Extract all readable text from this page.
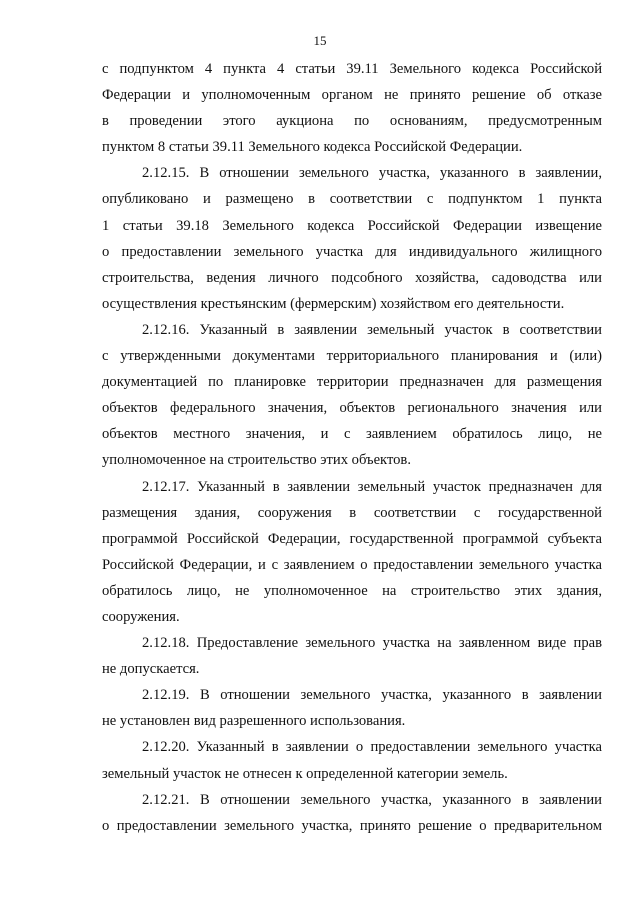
15
с подпунктом 4 пункта 4 статьи 39.11 Земельного кодекса Российской
Федерации и уполномоченным органом не принято решение об отказе
в проведении этого аукциона по основаниям, предусмотренным
пунктом 8 статьи 39.11 Земельного кодекса Российской Федерации.
2.12.15. В отношении земельного участка, указанного в заявлении,
опубликовано и размещено в соответствии с подпунктом 1 пункта
1 статьи 39.18 Земельного кодекса Российской Федерации извещение
о предоставлении земельного участка для индивидуального жилищного
строительства, ведения личного подсобного хозяйства, садоводства или
осуществления крестьянским (фермерским) хозяйством его деятельности.
2.12.16. Указанный в заявлении земельный участок в соответствии
с утвержденными документами территориального планирования и (или)
документацией по планировке территории предназначен для размещения
объектов федерального значения, объектов регионального значения или
объектов местного значения, и с заявлением обратилось лицо, не
уполномоченное на строительство этих объектов.
2.12.17. Указанный в заявлении земельный участок предназначен для
размещения здания, сооружения в соответствии с государственной
программой Российской Федерации, государственной программой субъекта
Российской Федерации, и с заявлением о предоставлении земельного участка
обратилось лицо, не уполномоченное на строительство этих здания,
сооружения.
2.12.18. Предоставление земельного участка на заявленном виде прав
не допускается.
2.12.19. В отношении земельного участка, указанного в заявлении
не установлен вид разрешенного использования.
2.12.20. Указанный в заявлении о предоставлении земельного участка
земельный участок не отнесен к определенной категории земель.
2.12.21. В отношении земельного участка, указанного в заявлении
о предоставлении земельного участка, принято решение о предварительном
